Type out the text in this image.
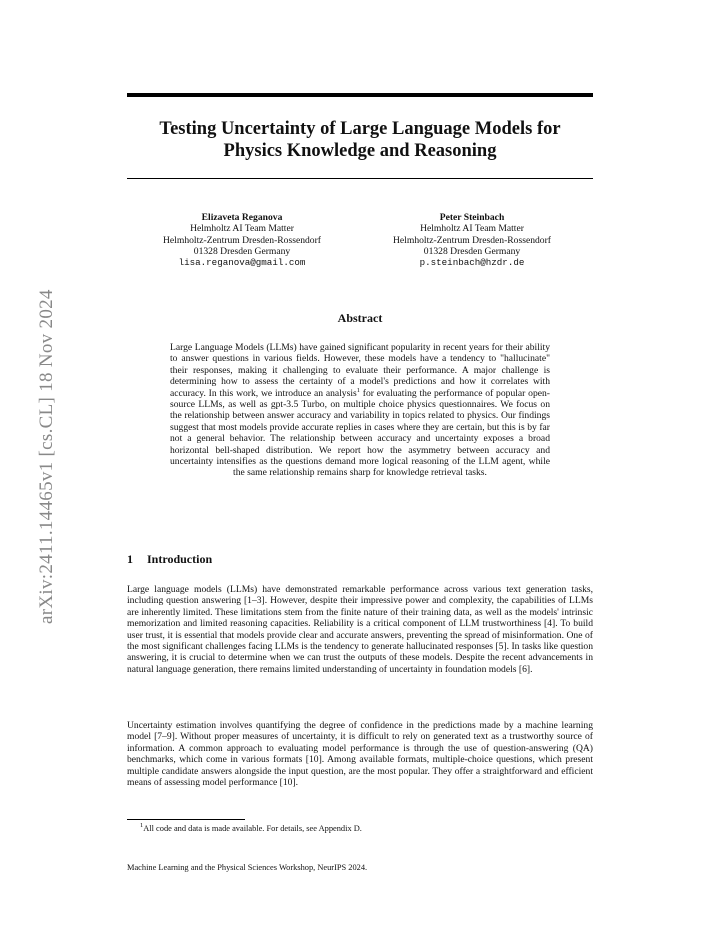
arXiv:2411.14465v1 [cs.CL] 18 Nov 2024
Testing Uncertainty of Large Language Models for
Physics Knowledge and Reasoning
Elizaveta Reganova
Helmholtz AI Team Matter
Helmholtz-Zentrum Dresden-Rossendorf
01328 Dresden Germany
lisa.reganova@gmail.com
Peter Steinbach
Helmholtz AI Team Matter
Helmholtz-Zentrum Dresden-Rossendorf
01328 Dresden Germany
p.steinbach@hzdr.de
Abstract
Large Language Models (LLMs) have gained significant popularity in recent years for their ability to answer questions in various fields. However, these models have a tendency to "hallucinate" their responses, making it challenging to evaluate their performance. A major challenge is determining how to assess the certainty of a model's predictions and how it correlates with accuracy. In this work, we introduce an analysis$^1$ for evaluating the performance of popular open-source LLMs, as well as gpt-3.5 Turbo, on multiple choice physics questionnaires. We focus on the relationship between answer accuracy and variability in topics related to physics. Our findings suggest that most models provide accurate replies in cases where they are certain, but this is by far not a general behavior. The relationship between accuracy and uncertainty exposes a broad horizontal bell-shaped distribution. We report how the asymmetry between accuracy and uncertainty intensifies as the questions demand more logical reasoning of the LLM agent, while the same relationship remains sharp for knowledge retrieval tasks.
1 Introduction
Large language models (LLMs) have demonstrated remarkable performance across various text generation tasks, including question answering [1–3]. However, despite their impressive power and complexity, the capabilities of LLMs are inherently limited. These limitations stem from the finite nature of their training data, as well as the models' intrinsic memorization and limited reasoning capacities. Reliability is a critical component of LLM trustworthiness [4]. To build user trust, it is essential that models provide clear and accurate answers, preventing the spread of misinformation. One of the most significant challenges facing LLMs is the tendency to generate hallucinated responses [5]. In tasks like question answering, it is crucial to determine when we can trust the outputs of these models. Despite the recent advancements in natural language generation, there remains limited understanding of uncertainty in foundation models [6].
Uncertainty estimation involves quantifying the degree of confidence in the predictions made by a machine learning model [7–9]. Without proper measures of uncertainty, it is difficult to rely on generated text as a trustworthy source of information. A common approach to evaluating model performance is through the use of question-answering (QA) benchmarks, which come in various formats [10]. Among available formats, multiple-choice questions, which present multiple candidate answers alongside the input question, are the most popular. They offer a straightforward and efficient means of assessing model performance [10].
$^1$All code and data is made available. For details, see Appendix D.
Machine Learning and the Physical Sciences Workshop, NeurIPS 2024.
